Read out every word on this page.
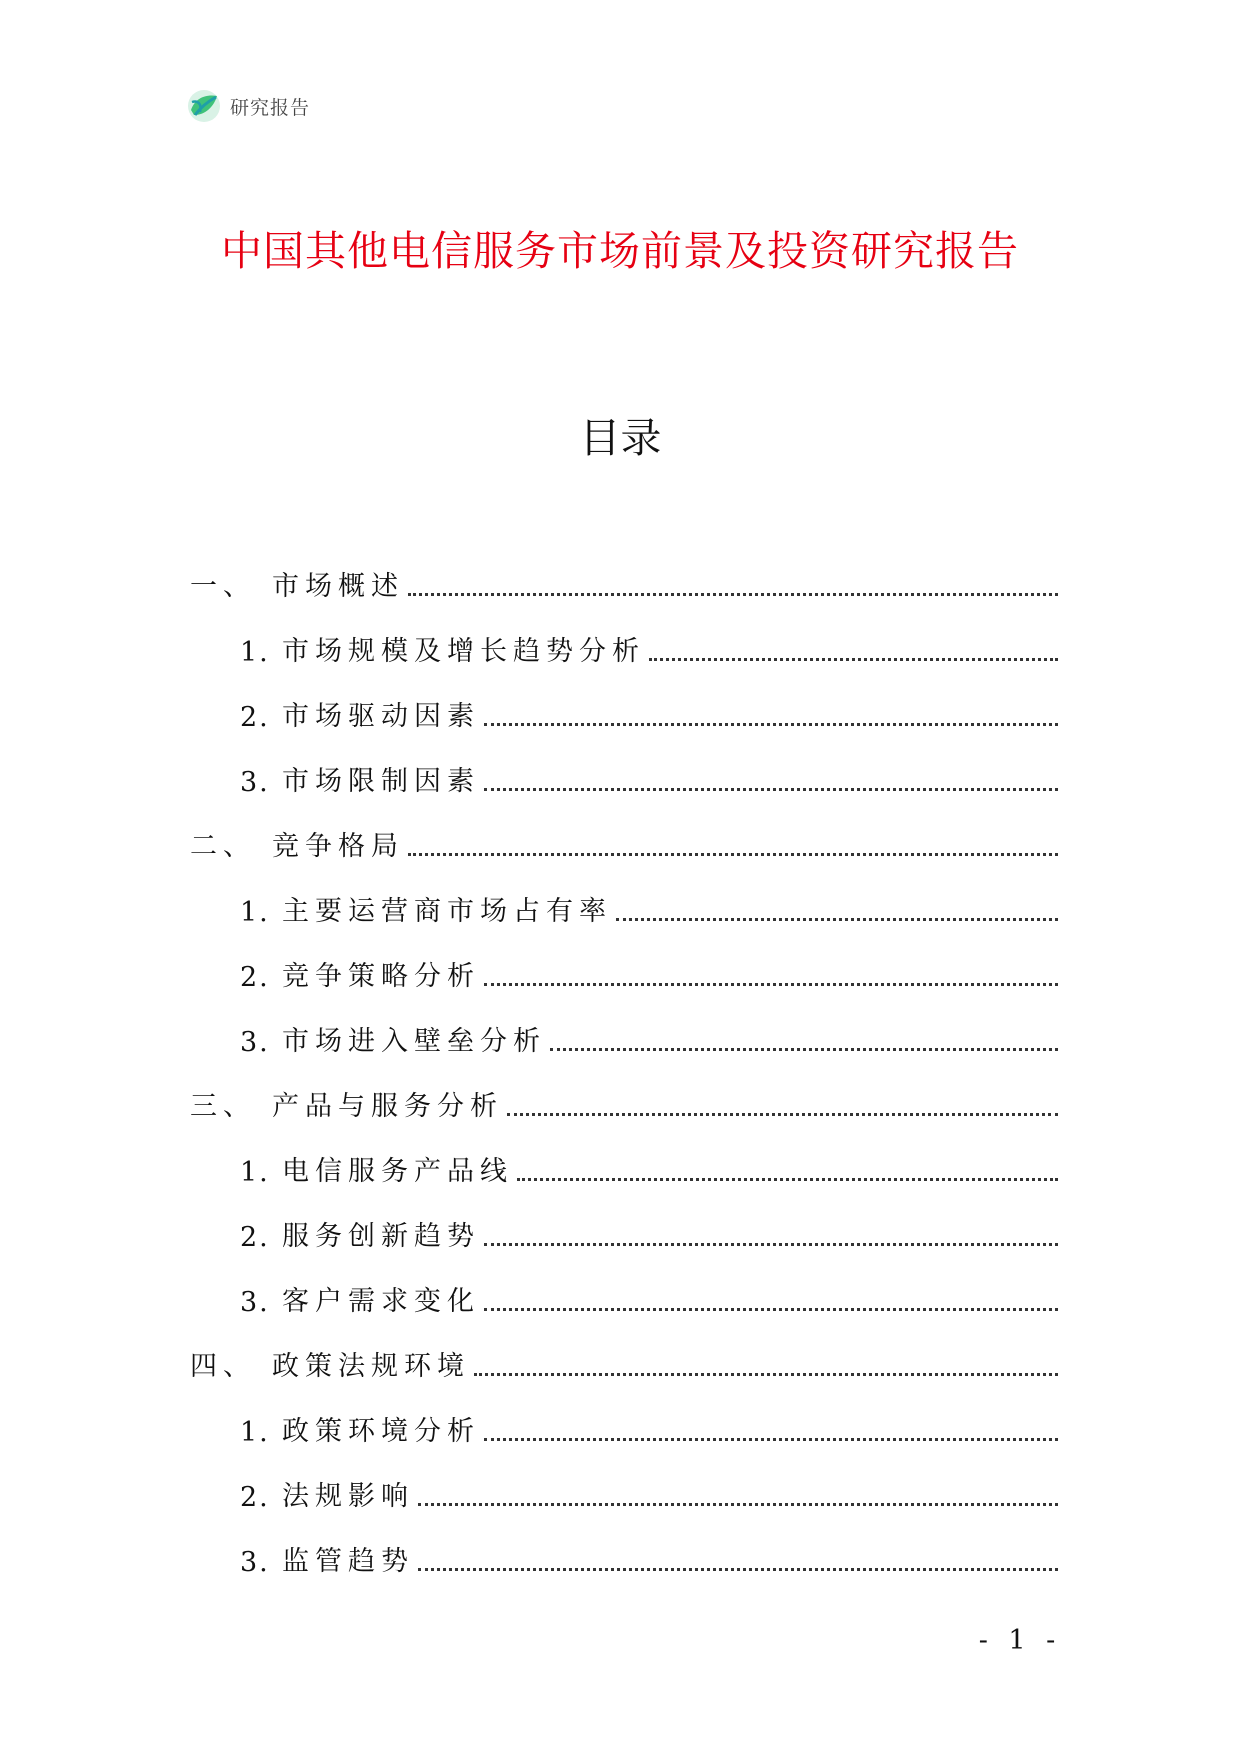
研究报告
中国其他电信服务市场前景及投资研究报告
目录
一、 市场概述
1. 市场规模及增长趋势分析
2. 市场驱动因素
3. 市场限制因素
二、 竞争格局
1. 主要运营商市场占有率
2. 竞争策略分析
3. 市场进入壁垒分析
三、 产品与服务分析
1. 电信服务产品线
2. 服务创新趋势
3. 客户需求变化
四、 政策法规环境
1. 政策环境分析
2. 法规影响
3. 监管趋势
- 1 -
